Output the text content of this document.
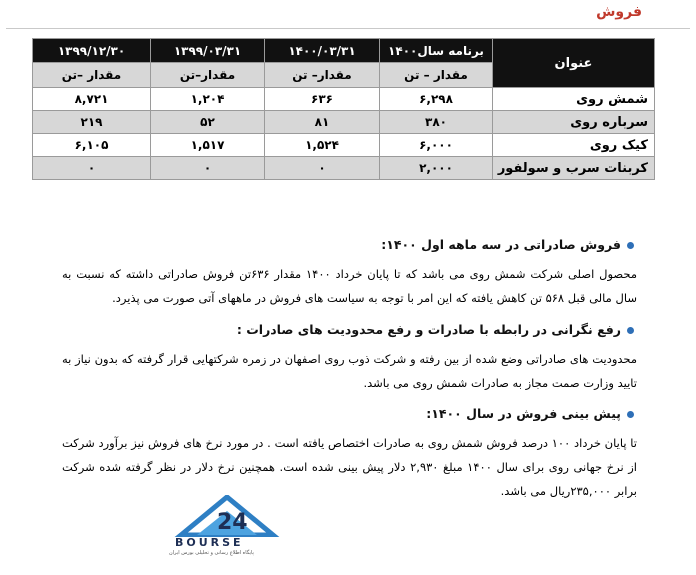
فروش
عنوان	برنامه سال۱۴۰۰	۱۴۰۰/۰۳/۳۱	۱۳۹۹/۰۳/۳۱	۱۳۹۹/۱۲/۳۰
	مقدار – تن	مقدار– تن	مقدار–تن	مقدار –تن
شمش روی	۶,۲۹۸	۶۳۶	۱,۲۰۴	۸,۷۲۱
سرباره روی	۳۸۰	۸۱	۵۲	۲۱۹
کیک روی	۶,۰۰۰	۱,۵۲۴	۱,۵۱۷	۶,۱۰۵
کربنات سرب و سولفور	۲,۰۰۰	۰	۰	۰
فروش صادراتی در سه ماهه اول ۱۴۰۰:
محصول اصلی شرکت شمش روی می باشد که تا پایان خرداد ۱۴۰۰ مقدار ۶۳۶تن فروش صادراتی داشته که نسبت به سال مالی قبل ۵۶۸ تن کاهش یافته که این امر با توجه به سیاست های فروش در ماههای آتی صورت می پذیرد.
رفع نگرانی در رابطه با صادرات و رفع محدودیت های صادرات :
محدودیت های صادراتی وضع شده از بین رفته و شرکت ذوب روی اصفهان در زمره شرکتهایی قرار گرفته که بدون نیاز به تایید وزارت صمت مجاز به صادرات شمش روی می باشد.
پیش بینی فروش در سال ۱۴۰۰:
تا پایان خرداد ۱۰۰ درصد فروش شمش روی به صادرات اختصاص یافته است . در مورد نرخ های فروش نیز برآورد شرکت از نرخ جهانی روی برای سال ۱۴۰۰ مبلغ ۲,۹۳۰ دلار پیش بینی شده است. همچنین نرخ دلار در نظر گرفته شده شرکت برابر ۲۳۵,۰۰۰ریال می باشد.
24
BOURSE
پایگاه اطلاع رسانی و تحلیلی بورس ایران
